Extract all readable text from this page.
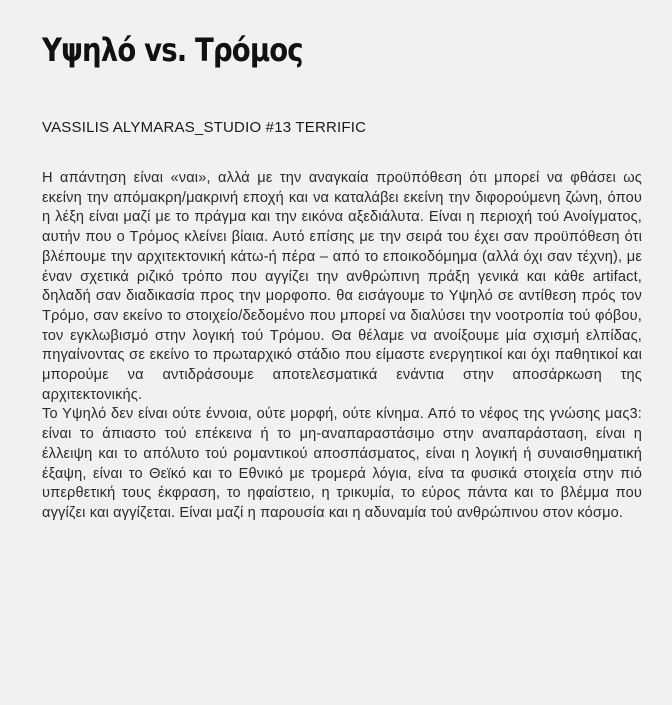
Υψηλό vs. Τρόμος
VASSILIS ALYMARAS_STUDIO #13 TERRIFIC

Η απάντηση είναι «ναι», αλλά με την αναγκαία προϋπόθεση ότι μπορεί να φθάσει ως εκείνη την απόμακρη/μακρινή εποχή και να καταλάβει εκείνη την διφορούμενη ζώνη, όπου η λέξη είναι μαζί με το πράγμα και την εικόνα αξεδιάλυτα. Είναι η περιοχή τού Ανοίγματος, αυτήν που ο Τρόμος κλείνει βίαια. Αυτό επίσης με την σειρά του έχει σαν προϋπόθεση ότι βλέπουμε την αρχιτεκτονική κάτω-ή πέρα – από το εποικοδόμημα (αλλά όχι σαν τέχνη), με έναν σχετικά ριζικό τρόπο που αγγίζει την ανθρώπινη πράξη γενικά και κάθε artifact, δηλαδή σαν διαδικασία προς την μορφοπο. θα εισάγουμε το Υψηλό σε αντίθεση πρός τον Τρόμο, σαν εκείνο το στοιχείο/δεδομένο που μπορεί να διαλύσει την νοοτροπία τού φόβου, τον εγκλωβισμό στην λογική τού Τρόμου. Θα θέλαμε να ανοίξουμε μία σχισμή ελπίδας, πηγαίνοντας σε εκείνο το πρωταρχικό στάδιο που είμαστε ενεργητικοί και όχι παθητικοί και μπορούμε να αντιδράσουμε αποτελεσματικά ενάντια στην αποσάρκωση της αρχιτεκτονικής.

Το Υψηλό δεν είναι ούτε έννοια, ούτε μορφή, ούτε κίνημα. Από το νέφος της γνώσης μας3: είναι το άπιαστο τού επέκεινα ή το μη-αναπαραστάσιμο στην αναπαράσταση, είναι η έλλειψη και το απόλυτο τού ρομαντικού αποσπάσματος, είναι η λογική ή συναισθηματική έξαψη, είναι το Θεϊκό και το Εθνικό με τρομερά λόγια, είνα τα φυσικά στοιχεία στην πιό υπερθετική τους έκφραση, το ηφαίστειο, η τρικυμία, το εύρος πάντα και το βλέμμα που αγγίζει και αγγίζεται. Είναι μαζί η παρουσία και η αδυναμία τού ανθρώπινου στον κόσμο.
